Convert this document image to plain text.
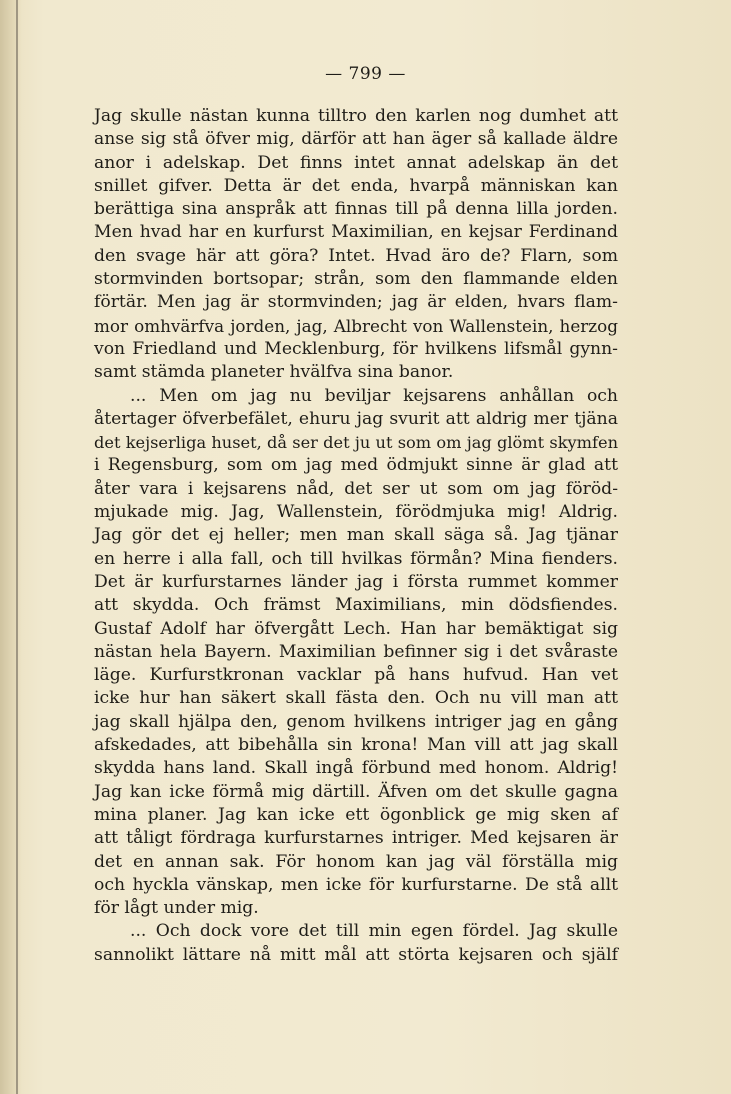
— 799 —
Jag skulle nästan kunna tilltro den karlen nog dumhet att
anse sig stå öfver mig, därför att han äger så kallade äldre
anor i adelskap. Det finns intet annat adelskap än det
snillet gifver. Detta är det enda, hvarpå människan kan
berättiga sina anspråk att finnas till på denna lilla jorden.
Men hvad har en kurfurst Maximilian, en kejsar Ferdinand
den svage här att göra? Intet. Hvad äro de? Flarn, som
stormvinden bortsopar; strån, som den flammande elden
förtär. Men jag är stormvinden; jag är elden, hvars flam-
mor omhvärfva jorden, jag, Albrecht von Wallenstein, herzog
von Friedland und Mecklenburg, för hvilkens lifsmål gynn-
samt stämda planeter hvälfva sina banor.
... Men om jag nu beviljar kejsarens anhållan och
återtager öfverbefälet, ehuru jag svurit att aldrig mer tjäna
det kejserliga huset, då ser det ju ut som om jag glömt skymfen
i Regensburg, som om jag med ödmjukt sinne är glad att
åter vara i kejsarens nåd, det ser ut som om jag föröd-
mjukade mig. Jag, Wallenstein, förödmjuka mig! Aldrig.
Jag gör det ej heller; men man skall säga så. Jag tjänar
en herre i alla fall, och till hvilkas förmån? Mina fienders.
Det är kurfurstarnes länder jag i första rummet kommer
att skydda. Och främst Maximilians, min dödsfiendes.
Gustaf Adolf har öfvergått Lech. Han har bemäktigat sig
nästan hela Bayern. Maximilian befinner sig i det svåraste
läge. Kurfurstkronan vacklar på hans hufvud. Han vet
icke hur han säkert skall fästa den. Och nu vill man att
jag skall hjälpa den, genom hvilkens intriger jag en gång
afskedades, att bibehålla sin krona! Man vill att jag skall
skydda hans land. Skall ingå förbund med honom. Aldrig!
Jag kan icke förmå mig därtill. Äfven om det skulle gagna
mina planer. Jag kan icke ett ögonblick ge mig sken af
att tåligt fördraga kurfurstarnes intriger. Med kejsaren är
det en annan sak. För honom kan jag väl förställa mig
och hyckla vänskap, men icke för kurfurstarne. De stå allt
för lågt under mig.
... Och dock vore det till min egen fördel. Jag skulle
sannolikt lättare nå mitt mål att störta kejsaren och själf
